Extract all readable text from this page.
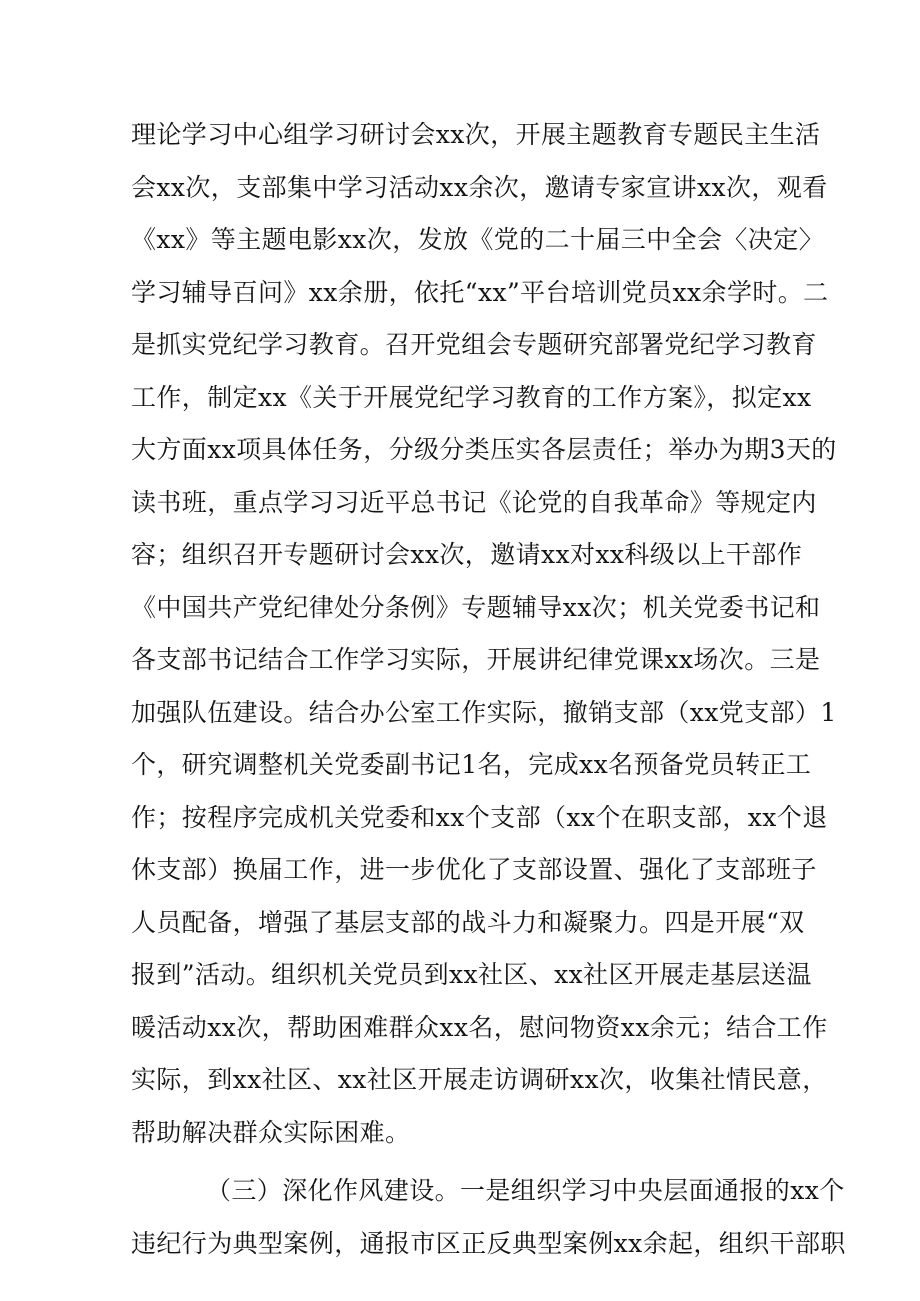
理论学习中心组学习研讨会xx次，开展主题教育专题民主生活
会xx次，支部集中学习活动xx余次，邀请专家宣讲xx次，观看
《xx》等主题电影xx次，发放《党的二十届三中全会〈决定〉
学习辅导百问》xx余册，依托“xx”平台培训党员xx余学时。二
是抓实党纪学习教育。召开党组会专题研究部署党纪学习教育
工作，制定xx《关于开展党纪学习教育的工作方案》，拟定xx
大方面xx项具体任务，分级分类压实各层责任；举办为期3天的
读书班，重点学习习近平总书记《论党的自我革命》等规定内
容；组织召开专题研讨会xx次，邀请xx对xx科级以上干部作
《中国共产党纪律处分条例》专题辅导xx次；机关党委书记和
各支部书记结合工作学习实际，开展讲纪律党课xx场次。三是
加强队伍建设。结合办公室工作实际，撤销支部（xx党支部）1
个，研究调整机关党委副书记1名，完成xx名预备党员转正工
作；按程序完成机关党委和xx个支部（xx个在职支部，xx个退
休支部）换届工作，进一步优化了支部设置、强化了支部班子
人员配备，增强了基层支部的战斗力和凝聚力。四是开展“双
报到”活动。组织机关党员到xx社区、xx社区开展走基层送温
暖活动xx次，帮助困难群众xx名，慰问物资xx余元；结合工作
实际，到xx社区、xx社区开展走访调研xx次，收集社情民意，
帮助解决群众实际困难。
（三）深化作风建设。一是组织学习中央层面通报的xx个
违纪行为典型案例，通报市区正反典型案例xx余起，组织干部职
